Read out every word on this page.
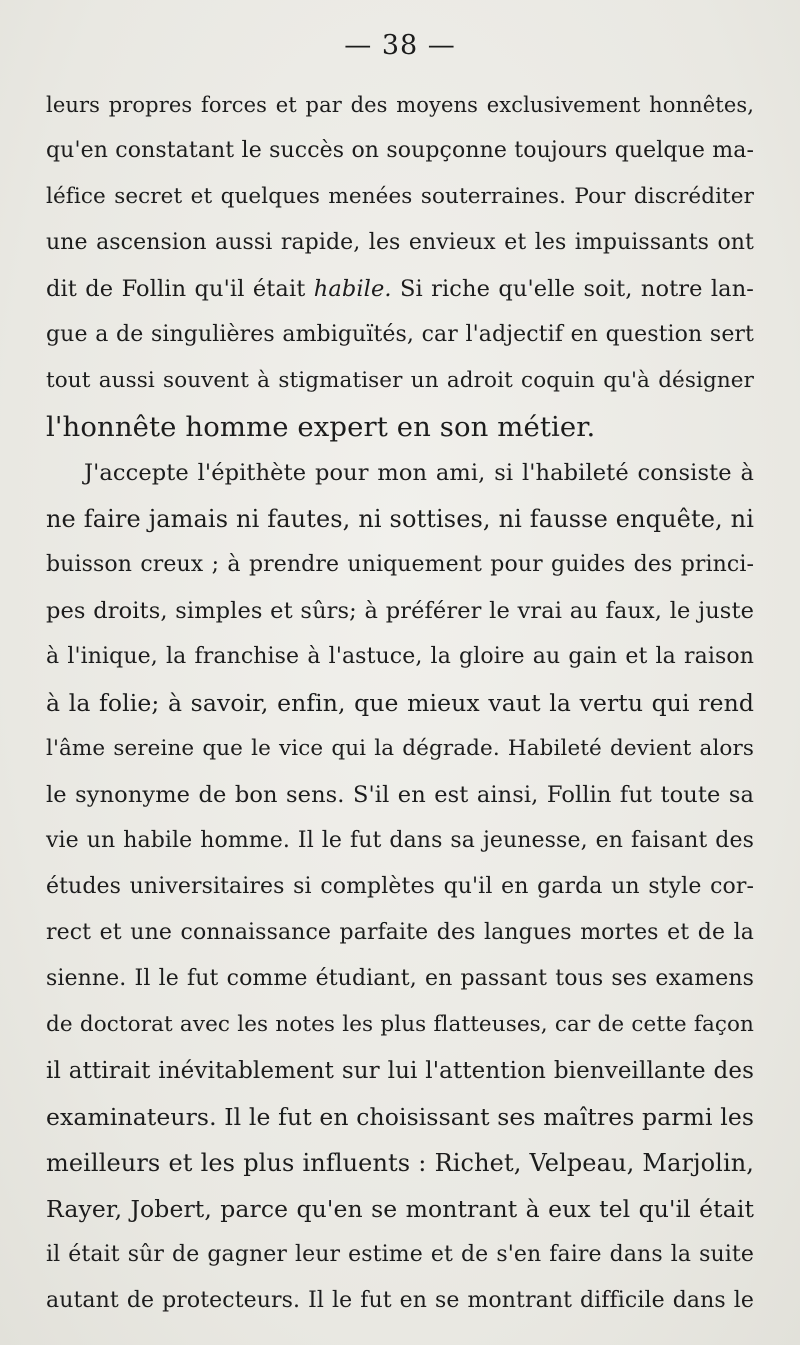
— 38 —
leurs propres forces et par des moyens exclusivement honnêtes,
qu'en constatant le succès on soupçonne toujours quelque ma-
léfice secret et quelques menées souterraines. Pour discréditer
une ascension aussi rapide, les envieux et les impuissants ont
dit de Follin qu'il était habile. Si riche qu'elle soit, notre lan-
gue a de singulières ambiguïtés, car l'adjectif en question sert
tout aussi souvent à stigmatiser un adroit coquin qu'à désigner
l'honnête homme expert en son métier.
J'accepte l'épithète pour mon ami, si l'habileté consiste à
ne faire jamais ni fautes, ni sottises, ni fausse enquête, ni
buisson creux ; à prendre uniquement pour guides des princi-
pes droits, simples et sûrs; à préférer le vrai au faux, le juste
à l'inique, la franchise à l'astuce, la gloire au gain et la raison
à la folie; à savoir, enfin, que mieux vaut la vertu qui rend
l'âme sereine que le vice qui la dégrade. Habileté devient alors
le synonyme de bon sens. S'il en est ainsi, Follin fut toute sa
vie un habile homme. Il le fut dans sa jeunesse, en faisant des
études universitaires si complètes qu'il en garda un style cor-
rect et une connaissance parfaite des langues mortes et de la
sienne. Il le fut comme étudiant, en passant tous ses examens
de doctorat avec les notes les plus flatteuses, car de cette façon
il attirait inévitablement sur lui l'attention bienveillante des
examinateurs. Il le fut en choisissant ses maîtres parmi les
meilleurs et les plus influents : Richet, Velpeau, Marjolin,
Rayer, Jobert, parce qu'en se montrant à eux tel qu'il était
il était sûr de gagner leur estime et de s'en faire dans la suite
autant de protecteurs. Il le fut en se montrant difficile dans le
